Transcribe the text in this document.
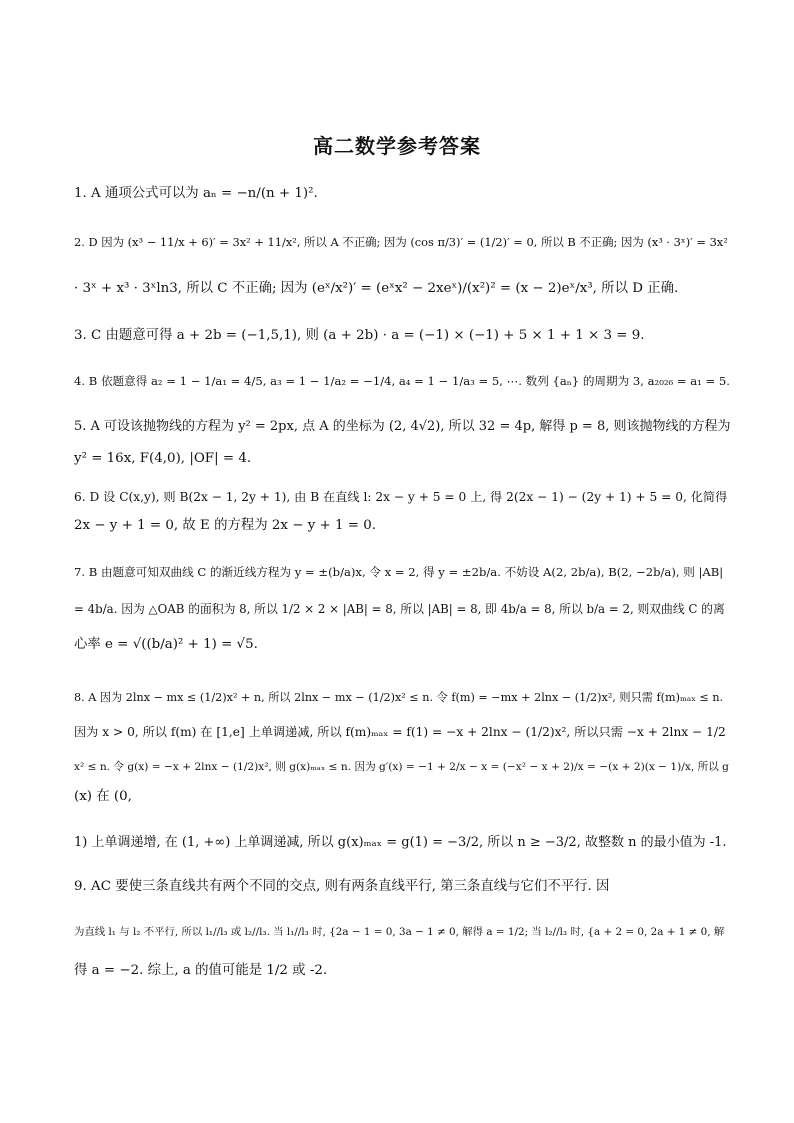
高二数学参考答案
1. A 通项公式可以为 aₙ = −n/(n + 1)².
2. D 因为 (x³ − 11/x + 6)′ = 3x² + 11/x², 所以 A 不正确; 因为 (cos π/3)′ = (1/2)′ = 0, 所以 B 不正确; 因为 (x³ · 3ˣ)′ = 3x²
· 3ˣ + x³ · 3ˣln3, 所以 C 不正确; 因为 (eˣ/x²)′ = (eˣx² − 2xeˣ)/(x²)² = (x − 2)eˣ/x³, 所以 D 正确.
3. C 由题意可得 a + 2b = (−1,5,1), 则 (a + 2b) · a = (−1) × (−1) + 5 × 1 + 1 × 3 = 9.
4. B 依题意得 a₂ = 1 − 1/a₁ = 4/5, a₃ = 1 − 1/a₂ = −1/4, a₄ = 1 − 1/a₃ = 5, ⋯. 数列 {aₙ} 的周期为 3, a₂₀₂₆ = a₁ = 5.
5. A 可设该抛物线的方程为 y² = 2px, 点 A 的坐标为 (2, 4√2), 所以 32 = 4p, 解得 p = 8, 则该抛物线的方程为
y² = 16x, F(4,0), |OF| = 4.
6. D 设 C(x,y), 则 B(2x − 1, 2y + 1), 由 B 在直线 l: 2x − y + 5 = 0 上, 得 2(2x − 1) − (2y + 1) + 5 = 0, 化简得
2x − y + 1 = 0, 故 E 的方程为 2x − y + 1 = 0.
7. B 由题意可知双曲线 C 的渐近线方程为 y = ±(b/a)x, 令 x = 2, 得 y = ±2b/a. 不妨设 A(2, 2b/a), B(2, −2b/a), 则 |AB|
= 4b/a. 因为 △OAB 的面积为 8, 所以 1/2 × 2 × |AB| = 8, 所以 |AB| = 8, 即 4b/a = 8, 所以 b/a = 2, 则双曲线 C 的离
心率 e = √((b/a)² + 1) = √5.
8. A 因为 2lnx − mx ≤ (1/2)x² + n, 所以 2lnx − mx − (1/2)x² ≤ n. 令 f(m) = −mx + 2lnx − (1/2)x², 则只需 f(m)ₘₐₓ ≤ n.
因为 x > 0, 所以 f(m) 在 [1,e] 上单调递减, 所以 f(m)ₘₐₓ = f(1) = −x + 2lnx − (1/2)x², 所以只需 −x + 2lnx − 1/2
x² ≤ n. 令 g(x) = −x + 2lnx − (1/2)x², 则 g(x)ₘₐₓ ≤ n. 因为 g′(x) = −1 + 2/x − x = (−x² − x + 2)/x = −(x + 2)(x − 1)/x, 所以 g
(x) 在 (0,
1) 上单调递增, 在 (1, +∞) 上单调递减, 所以 g(x)ₘₐₓ = g(1) = −3/2, 所以 n ≥ −3/2, 故整数 n 的最小值为 -1.
9. AC 要使三条直线共有两个不同的交点, 则有两条直线平行, 第三条直线与它们不平行. 因
为直线 l₁ 与 l₂ 不平行, 所以 l₁//l₃ 或 l₂//l₃. 当 l₁//l₃ 时, {2a − 1 = 0, 3a − 1 ≠ 0, 解得 a = 1/2; 当 l₂//l₃ 时, {a + 2 = 0, 2a + 1 ≠ 0, 解
得 a = −2. 综上, a 的值可能是 1/2 或 -2.
